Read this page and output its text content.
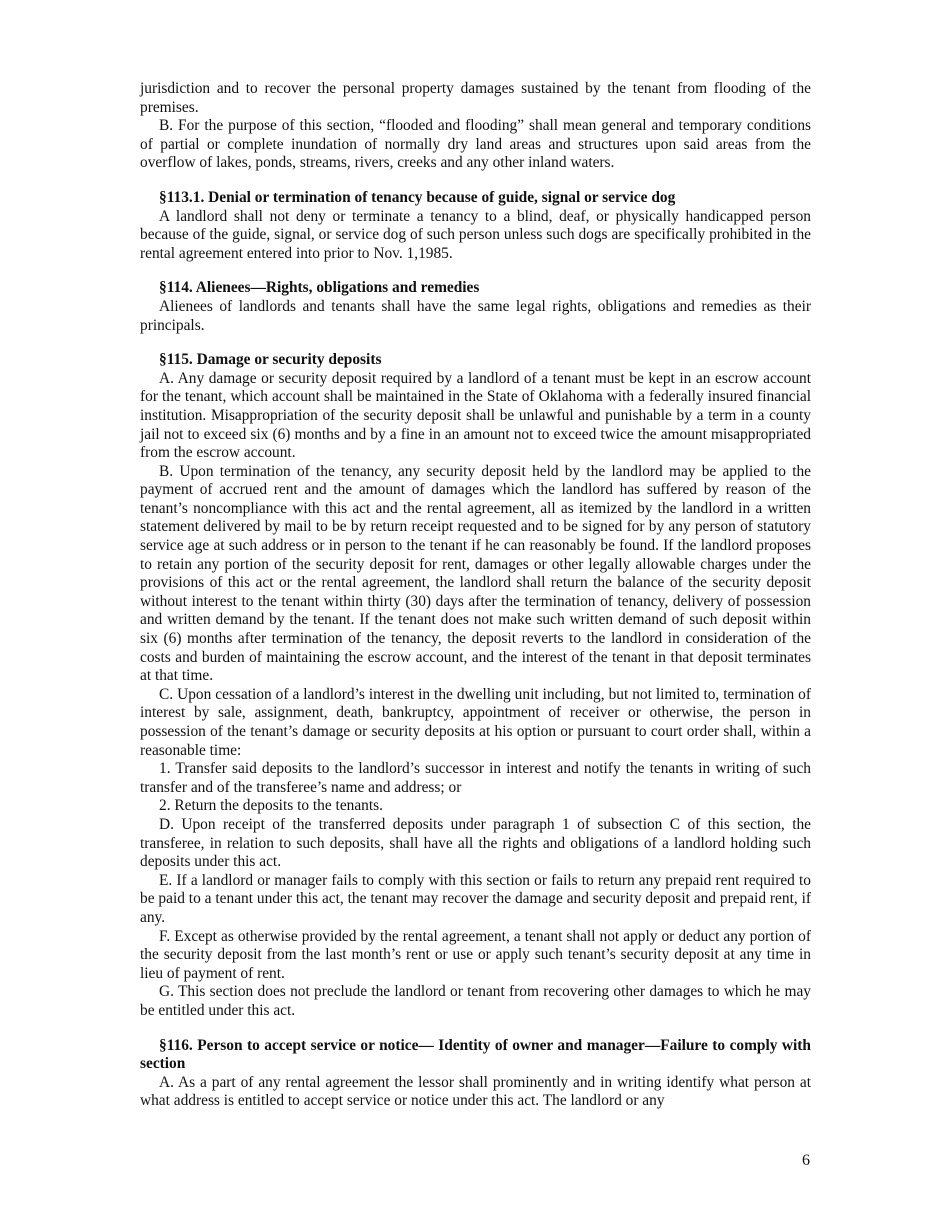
jurisdiction and to recover the personal property damages sustained by the tenant from flooding of the premises.

B. For the purpose of this section, “flooded and flooding” shall mean general and temporary conditions of partial or complete inundation of normally dry land areas and structures upon said areas from the overflow of lakes, ponds, streams, rivers, creeks and any other inland waters.

§113.1. Denial or termination of tenancy because of guide, signal or service dog

A landlord shall not deny or terminate a tenancy to a blind, deaf, or physically handicapped person because of the guide, signal, or service dog of such person unless such dogs are specifically prohibited in the rental agreement entered into prior to Nov. 1,1985.

§114. Alienees—Rights, obligations and remedies

Alienees of landlords and tenants shall have the same legal rights, obligations and remedies as their principals.

§115. Damage or security deposits

A. Any damage or security deposit required by a landlord of a tenant must be kept in an escrow account for the tenant, which account shall be maintained in the State of Oklahoma with a federally insured financial institution. Misappropriation of the security deposit shall be unlawful and punishable by a term in a county jail not to exceed six (6) months and by a fine in an amount not to exceed twice the amount misappropriated from the escrow account.

B. Upon termination of the tenancy, any security deposit held by the landlord may be applied to the payment of accrued rent and the amount of damages which the landlord has suffered by reason of the tenant’s noncompliance with this act and the rental agreement, all as itemized by the landlord in a written statement delivered by mail to be by return receipt requested and to be signed for by any person of statutory service age at such address or in person to the tenant if he can reasonably be found. If the landlord proposes to retain any portion of the security deposit for rent, damages or other legally allowable charges under the provisions of this act or the rental agreement, the landlord shall return the balance of the security deposit without interest to the tenant within thirty (30) days after the termination of tenancy, delivery of possession and written demand by the tenant. If the tenant does not make such written demand of such deposit within six (6) months after termination of the tenancy, the deposit reverts to the landlord in consideration of the costs and burden of maintaining the escrow account, and the interest of the tenant in that deposit terminates at that time.

C. Upon cessation of a landlord’s interest in the dwelling unit including, but not limited to, termination of interest by sale, assignment, death, bankruptcy, appointment of receiver or otherwise, the person in possession of the tenant’s damage or security deposits at his option or pursuant to court order shall, within a reasonable time:

1. Transfer said deposits to the landlord’s successor in interest and notify the tenants in writing of such transfer and of the transferee’s name and address; or

2. Return the deposits to the tenants.

D. Upon receipt of the transferred deposits under paragraph 1 of subsection C of this section, the transferee, in relation to such deposits, shall have all the rights and obligations of a landlord holding such deposits under this act.

E. If a landlord or manager fails to comply with this section or fails to return any prepaid rent required to be paid to a tenant under this act, the tenant may recover the damage and security deposit and prepaid rent, if any.

F. Except as otherwise provided by the rental agreement, a tenant shall not apply or deduct any portion of the security deposit from the last month’s rent or use or apply such tenant’s security deposit at any time in lieu of payment of rent.

G. This section does not preclude the landlord or tenant from recovering other damages to which he may be entitled under this act.

§116. Person to accept service or notice— Identity of owner and manager—Failure to comply with section

A. As a part of any rental agreement the lessor shall prominently and in writing identify what person at what address is entitled to accept service or notice under this act. The landlord or any

6
